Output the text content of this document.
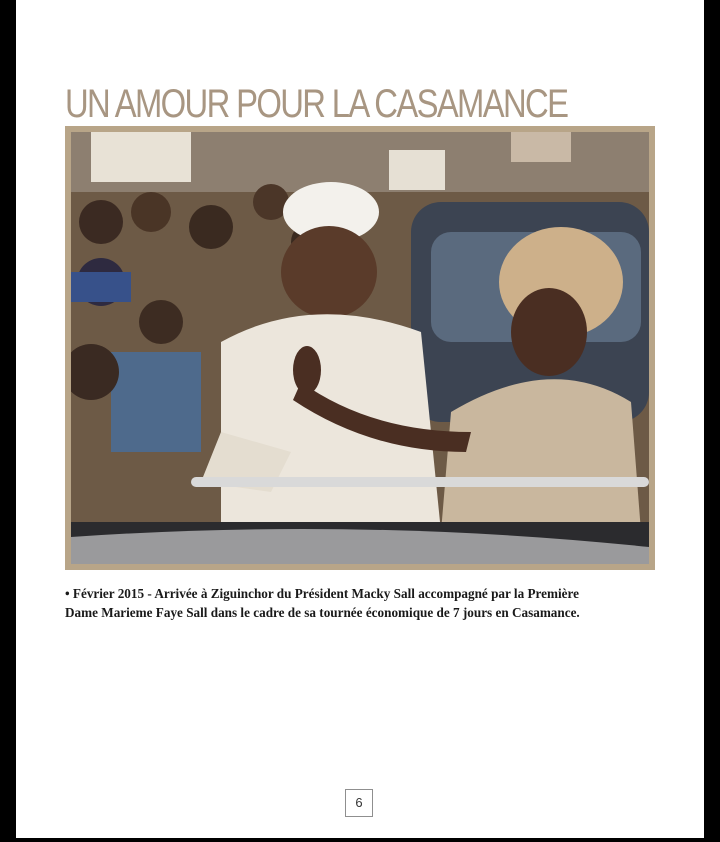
UN AMOUR POUR LA CASAMANCE

• Février 2015 - Arrivée à Ziguinchor du Président Macky Sall accompagné par la Première
Dame Marieme Faye Sall dans le cadre de sa tournée économique de 7 jours en Casamance.

6
